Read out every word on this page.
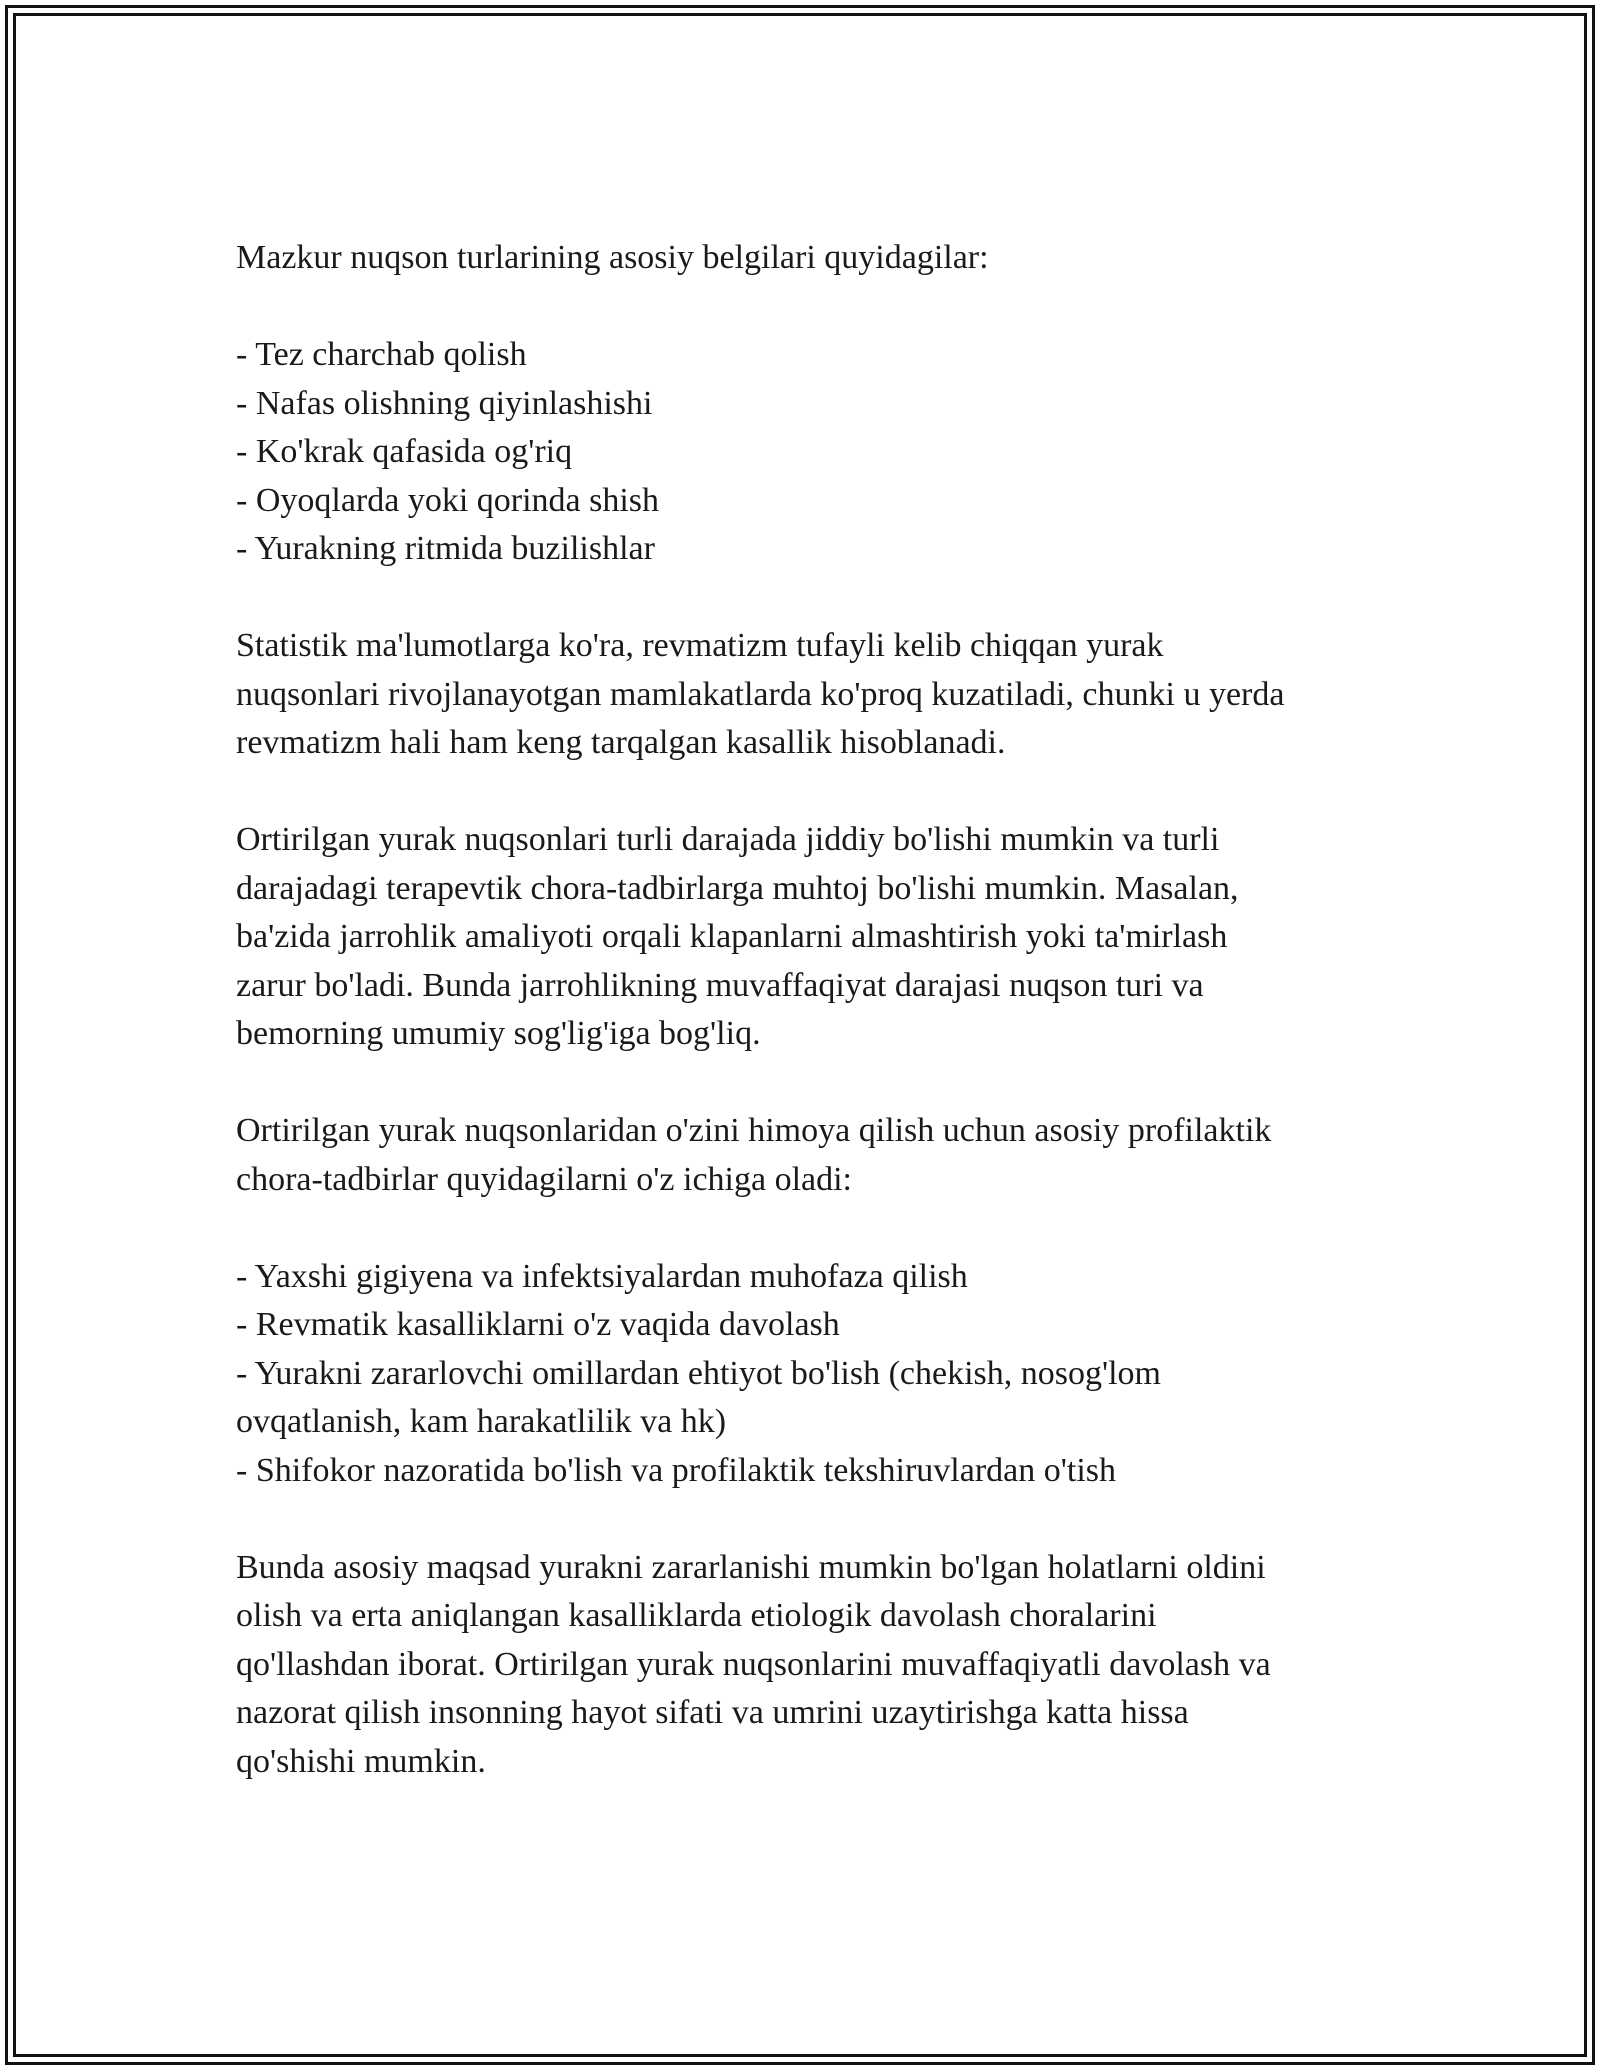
Mazkur nuqson turlarining asosiy belgilari quyidagilar:
- Tez charchab qolish
- Nafas olishning qiyinlashishi
- Ko'krak qafasida og'riq
- Oyoqlarda yoki qorinda shish
- Yurakning ritmida buzilishlar
Statistik ma'lumotlarga ko'ra, revmatizm tufayli kelib chiqqan yurak
nuqsonlari rivojlanayotgan mamlakatlarda ko'proq kuzatiladi, chunki u yerda
revmatizm hali ham keng tarqalgan kasallik hisoblanadi.
Ortirilgan yurak nuqsonlari turli darajada jiddiy bo'lishi mumkin va turli
darajadagi terapevtik chora-tadbirlarga muhtoj bo'lishi mumkin. Masalan,
ba'zida jarrohlik amaliyoti orqali klapanlarni almashtirish yoki ta'mirlash
zarur bo'ladi. Bunda jarrohlikning muvaffaqiyat darajasi nuqson turi va
bemorning umumiy sog'lig'iga bog'liq.
Ortirilgan yurak nuqsonlaridan o'zini himoya qilish uchun asosiy profilaktik
chora-tadbirlar quyidagilarni o'z ichiga oladi:
- Yaxshi gigiyena va infektsiyalardan muhofaza qilish
- Revmatik kasalliklarni o'z vaqida davolash
- Yurakni zararlovchi omillardan ehtiyot bo'lish (chekish, nosog'lom
ovqatlanish, kam harakatlilik va hk)
- Shifokor nazoratida bo'lish va profilaktik tekshiruvlardan o'tish
Bunda asosiy maqsad yurakni zararlanishi mumkin bo'lgan holatlarni oldini
olish va erta aniqlangan kasalliklarda etiologik davolash choralarini
qo'llashdan iborat. Ortirilgan yurak nuqsonlarini muvaffaqiyatli davolash va
nazorat qilish insonning hayot sifati va umrini uzaytirishga katta hissa
qo'shishi mumkin.
